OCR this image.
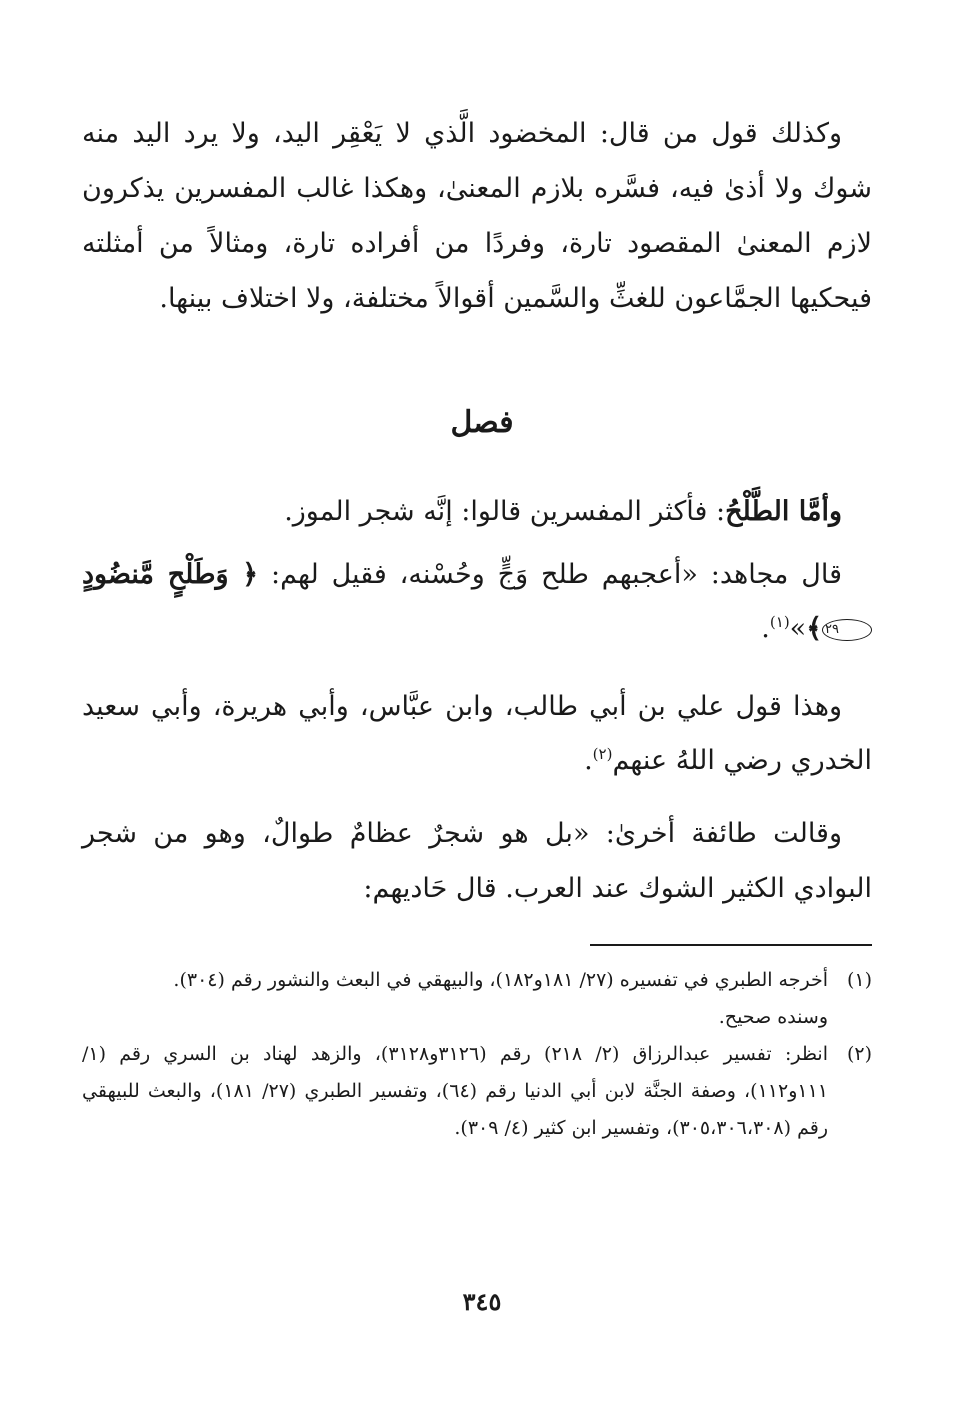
وكذلك قول من قال: المخضود الَّذي لا يَعْقِر اليد، ولا يرد اليد منه شوك ولا أذىٰ فيه، فسَّره بلازم المعنىٰ، وهكذا غالب المفسرين يذكرون لازم المعنىٰ المقصود تارة، وفردًا من أفراده تارة، ومثالاً من أمثلته فيحكيها الجمَّاعون للغثِّ والسَّمين أقوالاً مختلفة، ولا اختلاف بينها.

فصل

وأمَّا الطَّلْحُ: فأكثر المفسرين قالوا: إنَّه شجر الموز.

قال مجاهد: «أعجبهم طلح وَجٍّ وحُسْنه، فقيل لهم: ﴿ وَطَلْحٍ مَّنضُودٍ ٢٩﴾»$^{(١)}$.

وهذا قول علي بن أبي طالب، وابن عبَّاس، وأبي هريرة، وأبي سعيد الخدري رضي اللهُ عنهم$^{(٢)}$.

وقالت طائفة أخرىٰ: «بل هو شجرٌ عظامٌ طوالٌ، وهو من شجر البوادي الكثير الشوك عند العرب. قال حَاديهم:

(١)
أخرجه الطبري في تفسيره (٢٧/ ١٨١و١٨٢)، والبيهقي في البعث والنشور رقم (٣٠٤).
وسنده صحيح.
(٢)
انظر: تفسير عبدالرزاق (٢/ ٢١٨) رقم (٣١٢٦و٣١٢٨)، والزهد لهناد بن السري رقم (١/ ١١١و١١٢)، وصفة الجنَّة لابن أبي الدنيا رقم (٦٤)، وتفسير الطبري (٢٧/ ١٨١)، والبعث للبيهقي رقم (٣٠٥،٣٠٦،٣٠٨)، وتفسير ابن كثير (٤/ ٣٠٩).
٣٤٥
